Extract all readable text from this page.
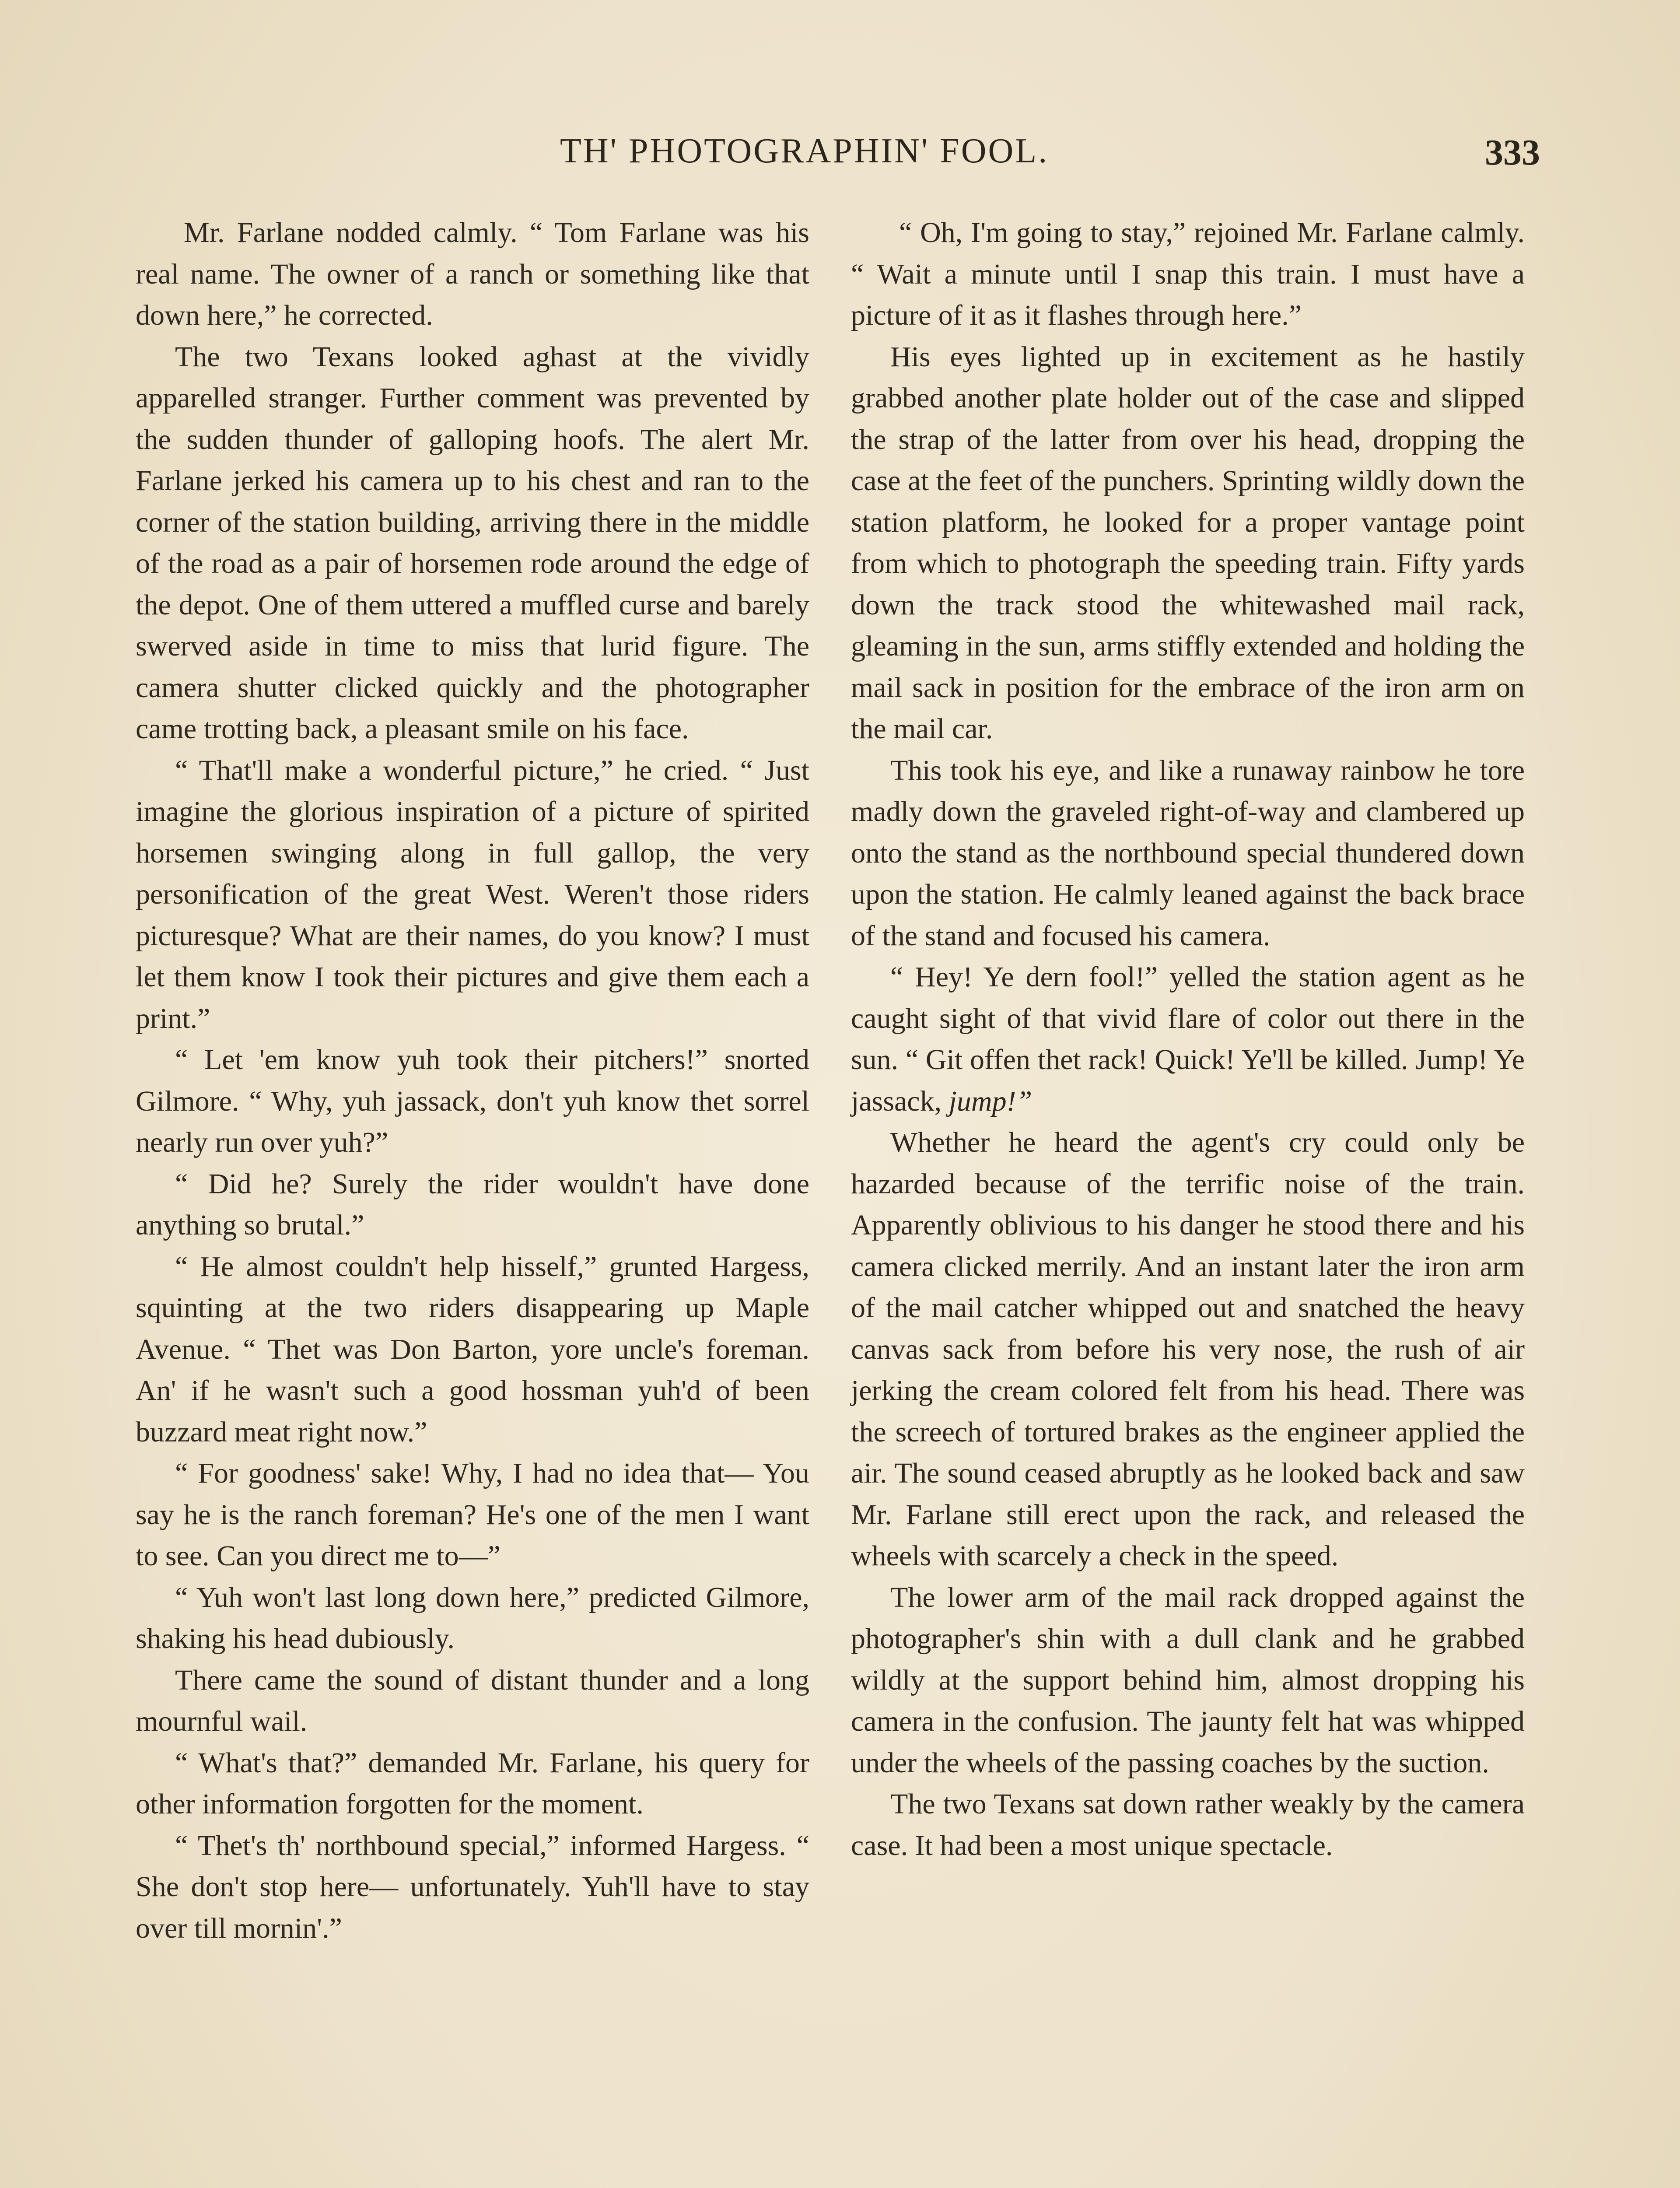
TH' PHOTOGRAPHIN' FOOL.	333

Mr. Farlane nodded calmly. “ Tom Farlane was his real name. The owner of a ranch or something like that down here,” he corrected.

The two Texans looked aghast at the vividly apparelled stranger. Further comment was prevented by the sudden thunder of galloping hoofs. The alert Mr. Farlane jerked his camera up to his chest and ran to the corner of the station building, arriving there in the middle of the road as a pair of horsemen rode around the edge of the depot. One of them uttered a muffled curse and barely swerved aside in time to miss that lurid figure. The camera shutter clicked quickly and the photographer came trotting back, a pleasant smile on his face.

“ That'll make a wonderful picture,” he cried. “ Just imagine the glorious inspiration of a picture of spirited horsemen swinging along in full gallop, the very personification of the great West. Weren't those riders picturesque? What are their names, do you know? I must let them know I took their pictures and give them each a print.”

“ Let 'em know yuh took their pitchers!” snorted Gilmore. “ Why, yuh jassack, don't yuh know thet sorrel nearly run over yuh?”

“ Did he? Surely the rider wouldn't have done anything so brutal.”

“ He almost couldn't help hisself,” grunted Hargess, squinting at the two riders disappearing up Maple Avenue. “ Thet was Don Barton, yore uncle's foreman. An' if he wasn't such a good hossman yuh'd of been buzzard meat right now.”

“ For goodness' sake! Why, I had no idea that— You say he is the ranch foreman? He's one of the men I want to see. Can you direct me to—”

“ Yuh won't last long down here,” predicted Gilmore, shaking his head dubiously.

There came the sound of distant thunder and a long mournful wail.

“ What's that?” demanded Mr. Farlane, his query for other information forgotten for the moment.

“ Thet's th' northbound special,” informed Hargess. “ She don't stop here— unfortunately. Yuh'll have to stay over till mornin'.”

“ Oh, I'm going to stay,” rejoined Mr. Farlane calmly. “ Wait a minute until I snap this train. I must have a picture of it as it flashes through here.”

His eyes lighted up in excitement as he hastily grabbed another plate holder out of the case and slipped the strap of the latter from over his head, dropping the case at the feet of the punchers. Sprinting wildly down the station platform, he looked for a proper vantage point from which to photograph the speeding train. Fifty yards down the track stood the whitewashed mail rack, gleaming in the sun, arms stiffly extended and holding the mail sack in position for the embrace of the iron arm on the mail car.

This took his eye, and like a runaway rainbow he tore madly down the graveled right-of-way and clambered up onto the stand as the northbound special thundered down upon the station. He calmly leaned against the back brace of the stand and focused his camera.

“ Hey! Ye dern fool!” yelled the station agent as he caught sight of that vivid flare of color out there in the sun. “ Git offen thet rack! Quick! Ye'll be killed. Jump! Ye jassack, jump!”

Whether he heard the agent's cry could only be hazarded because of the terrific noise of the train. Apparently oblivious to his danger he stood there and his camera clicked merrily. And an instant later the iron arm of the mail catcher whipped out and snatched the heavy canvas sack from before his very nose, the rush of air jerking the cream colored felt from his head. There was the screech of tortured brakes as the engineer applied the air. The sound ceased abruptly as he looked back and saw Mr. Farlane still erect upon the rack, and released the wheels with scarcely a check in the speed.

The lower arm of the mail rack dropped against the photographer's shin with a dull clank and he grabbed wildly at the support behind him, almost dropping his camera in the confusion. The jaunty felt hat was whipped under the wheels of the passing coaches by the suction.

The two Texans sat down rather weakly by the camera case. It had been a most unique spectacle.
